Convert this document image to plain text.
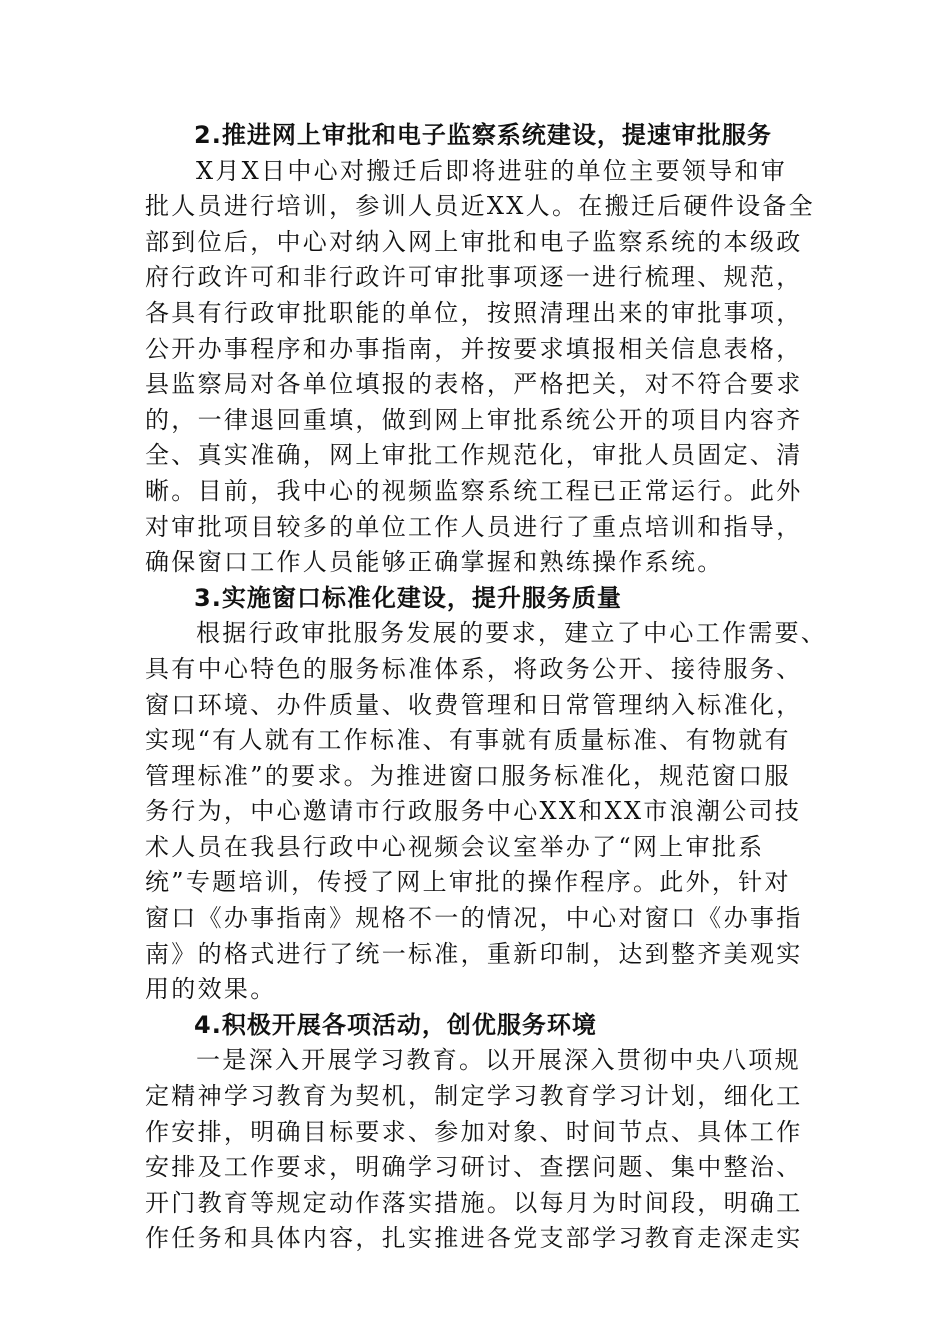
2.推进网上审批和电子监察系统建设，提速审批服务
X月X日中心对搬迁后即将进驻的单位主要领导和审
批人员进行培训，参训人员近XX人。在搬迁后硬件设备全
部到位后，中心对纳入网上审批和电子监察系统的本级政
府行政许可和非行政许可审批事项逐一进行梳理、规范，
各具有行政审批职能的单位，按照清理出来的审批事项，
公开办事程序和办事指南，并按要求填报相关信息表格，
县监察局对各单位填报的表格，严格把关，对不符合要求
的，一律退回重填，做到网上审批系统公开的项目内容齐
全、真实准确，网上审批工作规范化，审批人员固定、清
晰。目前，我中心的视频监察系统工程已正常运行。此外
对审批项目较多的单位工作人员进行了重点培训和指导，
确保窗口工作人员能够正确掌握和熟练操作系统。
3.实施窗口标准化建设，提升服务质量
根据行政审批服务发展的要求，建立了中心工作需要、
具有中心特色的服务标准体系，将政务公开、接待服务、
窗口环境、办件质量、收费管理和日常管理纳入标准化，
实现“有人就有工作标准、有事就有质量标准、有物就有
管理标准”的要求。为推进窗口服务标准化，规范窗口服
务行为，中心邀请市行政服务中心XX和XX市浪潮公司技
术人员在我县行政中心视频会议室举办了“网上审批系
统”专题培训，传授了网上审批的操作程序。此外，针对
窗口《办事指南》规格不一的情况，中心对窗口《办事指
南》的格式进行了统一标准，重新印制，达到整齐美观实
用的效果。
4.积极开展各项活动，创优服务环境
一是深入开展学习教育。以开展深入贯彻中央八项规
定精神学习教育为契机，制定学习教育学习计划，细化工
作安排，明确目标要求、参加对象、时间节点、具体工作
安排及工作要求，明确学习研讨、查摆问题、集中整治、
开门教育等规定动作落实措施。以每月为时间段，明确工
作任务和具体内容，扎实推进各党支部学习教育走深走实
